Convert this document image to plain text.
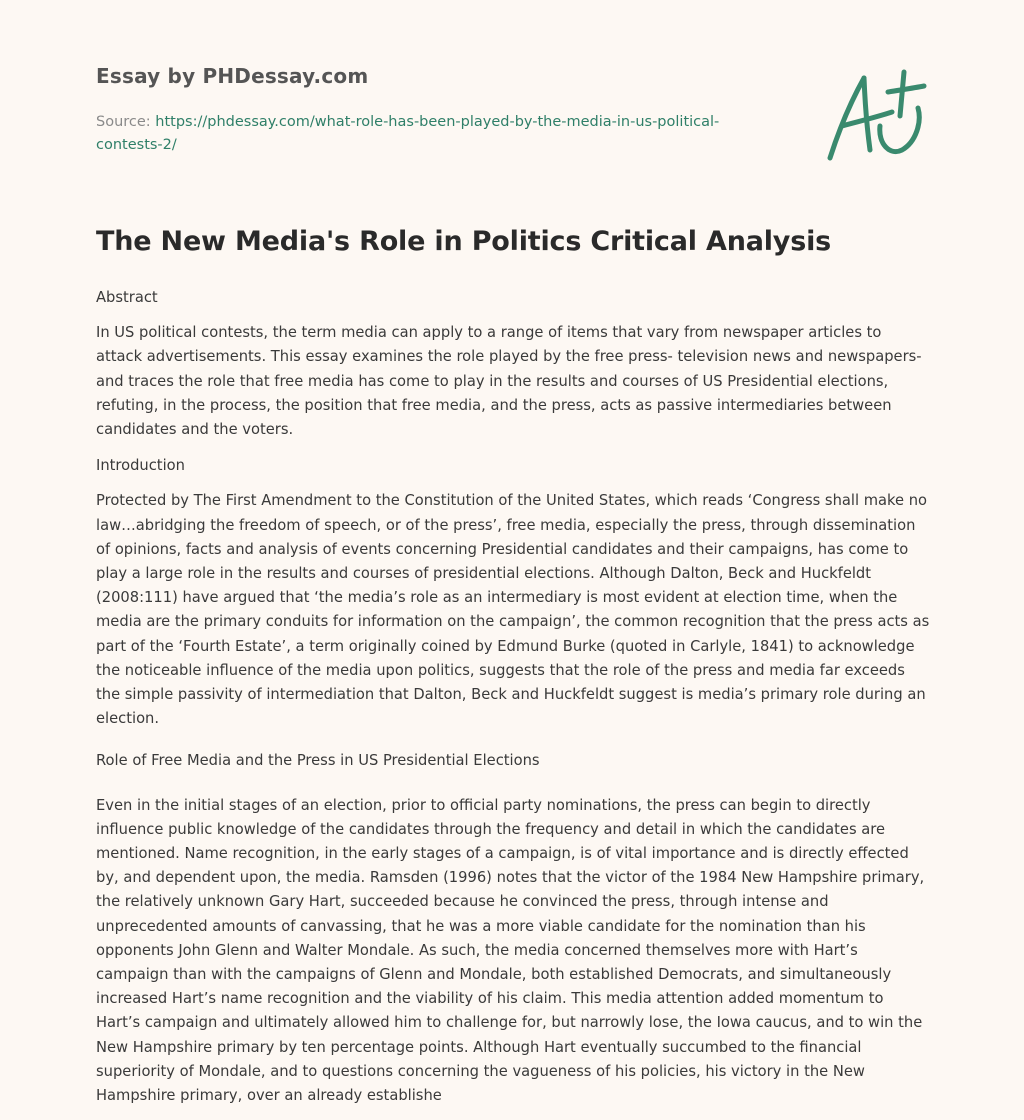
Essay by PHDessay.com
Source: https://phdessay.com/what-role-has-been-played-by-the-media-in-us-political-contests-2/
The New Media's Role in Politics Critical Analysis

Abstract

In US political contests, the term media can apply to a range of items that vary from newspaper articles to attack advertisements. This essay examines the role played by the free press- television news and newspapers- and traces the role that free media has come to play in the results and courses of US Presidential elections, refuting, in the process, the position that free media, and the press, acts as passive intermediaries between candidates and the voters.

Introduction

Protected by The First Amendment to the Constitution of the United States, which reads ‘Congress shall make no law…abridging the freedom of speech, or of the press’, free media, especially the press, through dissemination of opinions, facts and analysis of events concerning Presidential candidates and their campaigns, has come to play a large role in the results and courses of presidential elections. Although Dalton, Beck and Huckfeldt (2008:111) have argued that ‘the media’s role as an intermediary is most evident at election time, when the media are the primary conduits for information on the campaign’, the common recognition that the press acts as part of the ‘Fourth Estate’, a term originally coined by Edmund Burke (quoted in Carlyle, 1841) to acknowledge the noticeable influence of the media upon politics, suggests that the role of the press and media far exceeds the simple passivity of intermediation that Dalton, Beck and Huckfeldt suggest is media’s primary role during an election.

Role of Free Media and the Press in US Presidential Elections

Even in the initial stages of an election, prior to official party nominations, the press can begin to directly influence public knowledge of the candidates through the frequency and detail in which the candidates are mentioned. Name recognition, in the early stages of a campaign, is of vital importance and is directly effected by, and dependent upon, the media. Ramsden (1996) notes that the victor of the 1984 New Hampshire primary, the relatively unknown Gary Hart, succeeded because he convinced the press, through intense and unprecedented amounts of canvassing, that he was a more viable candidate for the nomination than his opponents John Glenn and Walter Mondale. As such, the media concerned themselves more with Hart’s campaign than with the campaigns of Glenn and Mondale, both established Democrats, and simultaneously increased Hart’s name recognition and the viability of his claim. This media attention added momentum to Hart’s campaign and ultimately allowed him to challenge for, but narrowly lose, the Iowa caucus, and to win the New Hampshire primary by ten percentage points. Although Hart eventually succumbed to the financial superiority of Mondale, and to questions concerning the vagueness of his policies, his victory in the New Hampshire primary, over an already establishe
